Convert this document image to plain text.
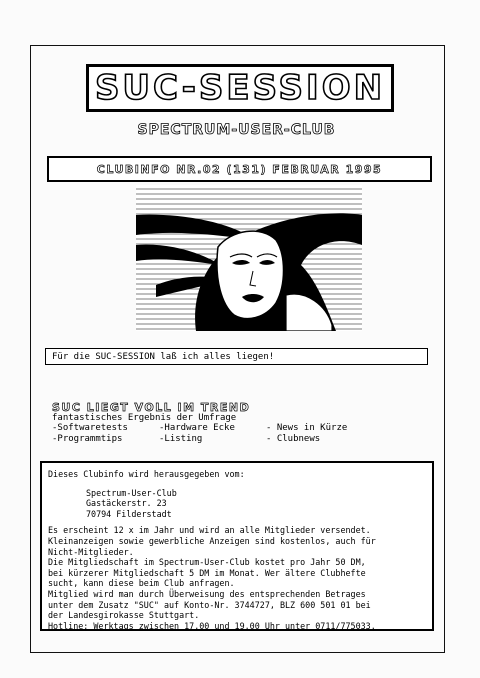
SUC-SESSION
SPECTRUM-USER-CLUB
CLUBINFO NR.02 (131) FEBRUAR 1995
Für die SUC-SESSION laß ich alles liegen!
SUC LIEGT VOLL IM TREND
fantastisches Ergebnis der Umfrage
-Softwaretests	-Hardware Ecke	- News in Kürze
-Programmtips	-Listing	- Clubnews

Dieses Clubinfo wird herausgegeben vom:

Spectrum-User-Club

Gastäckerstr. 23

70794 Filderstadt

Es erscheint 12 x im Jahr und wird an alle Mitglieder versendet.

Kleinanzeigen sowie gewerbliche Anzeigen sind kostenlos, auch für

Nicht-Mitglieder.

Die Mitgliedschaft im Spectrum-User-Club kostet pro Jahr 50 DM,

bei kürzerer Mitgliedschaft 5 DM im Monat. Wer ältere Clubhefte

sucht, kann diese beim Club anfragen.

Mitglied wird man durch Überweisung des entsprechenden Betrages

unter dem Zusatz "SUC" auf Konto-Nr. 3744727, BLZ 600 501 01 bei

der Landesgirokasse Stuttgart.

Hotline: Werktags zwischen 17.00 und 19.00 Uhr unter 0711/775033.
